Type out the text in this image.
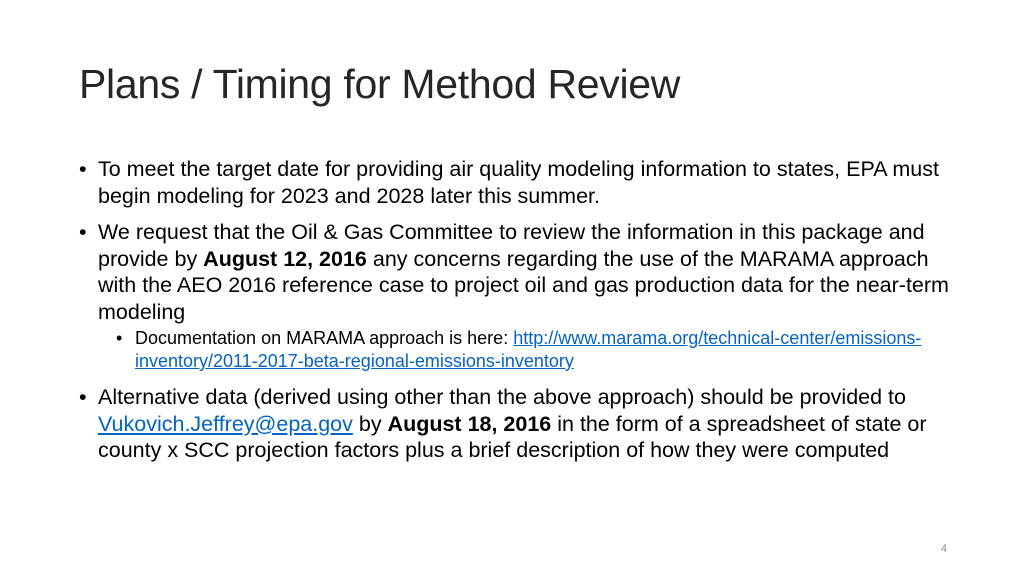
Plans / Timing for Method Review
• To meet the target date for providing air quality modeling information to states, EPA must begin modeling for 2023 and 2028 later this summer.
• We request that the Oil & Gas Committee to review the information in this package and provide by August 12, 2016 any concerns regarding the use of the MARAMA approach with the AEO 2016 reference case to project oil and gas production data for the near-term modeling
• Documentation on MARAMA approach is here: http://www.marama.org/technical-center/emissions-inventory/2011-2017-beta-regional-emissions-inventory
• Alternative data (derived using other than the above approach) should be provided to Vukovich.Jeffrey@epa.gov by August 18, 2016 in the form of a spreadsheet of state or county x SCC projection factors plus a brief description of how they were computed
4
